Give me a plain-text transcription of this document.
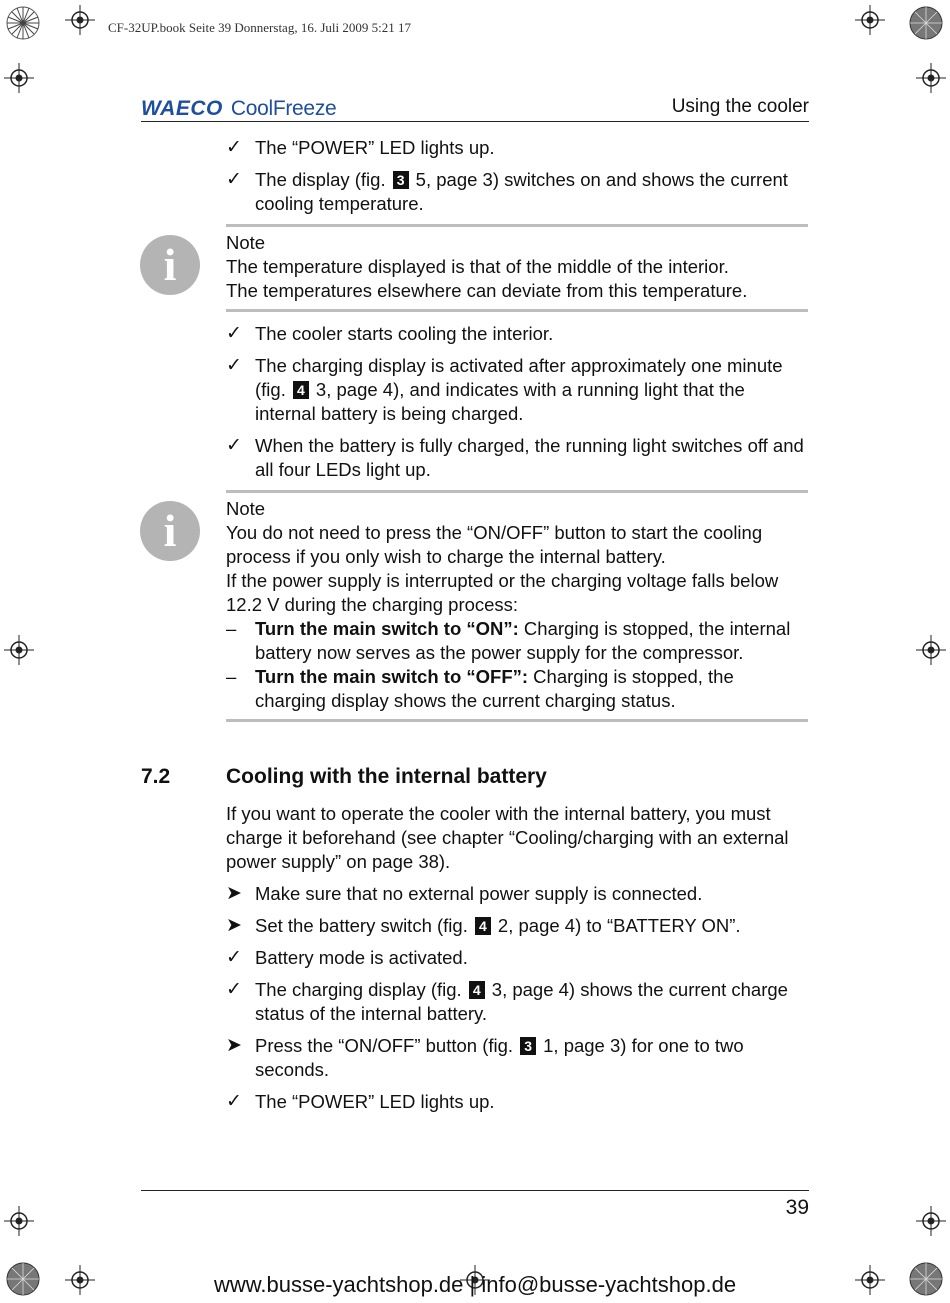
CF-32UP.book Seite 39 Donnerstag, 16. Juli 2009 5:21 17
WAECO CoolFreeze	Using the cooler
✓ The “POWER” LED lights up.
✓ The display (fig. 3 5, page 3) switches on and shows the current cooling temperature.
i	Note
The temperature displayed is that of the middle of the interior.
The temperatures elsewhere can deviate from this temperature.
✓ The cooler starts cooling the interior.
✓ The charging display is activated after approximately one minute (fig. 4 3, page 4), and indicates with a running light that the internal battery is being charged.
✓ When the battery is fully charged, the running light switches off and all four LEDs light up.
i	Note
You do not need to press the “ON/OFF” button to start the cooling process if you only wish to charge the internal battery.
If the power supply is interrupted or the charging voltage falls below 12.2 V during the charging process:
– Turn the main switch to “ON”: Charging is stopped, the internal battery now serves as the power supply for the compressor.
– Turn the main switch to “OFF”: Charging is stopped, the charging display shows the current charging status.
7.2	Cooling with the internal battery
If you want to operate the cooler with the internal battery, you must charge it beforehand (see chapter “Cooling/charging with an external power supply” on page 38).
➤ Make sure that no external power supply is connected.
➤ Set the battery switch (fig. 4 2, page 4) to “BATTERY ON”.
✓ Battery mode is activated.
✓ The charging display (fig. 4 3, page 4) shows the current charge status of the internal battery.
➤ Press the “ON/OFF” button (fig. 3 1, page 3) for one to two seconds.
✓ The “POWER” LED lights up.
39
www.busse-yachtshop.de | info@busse-yachtshop.de
